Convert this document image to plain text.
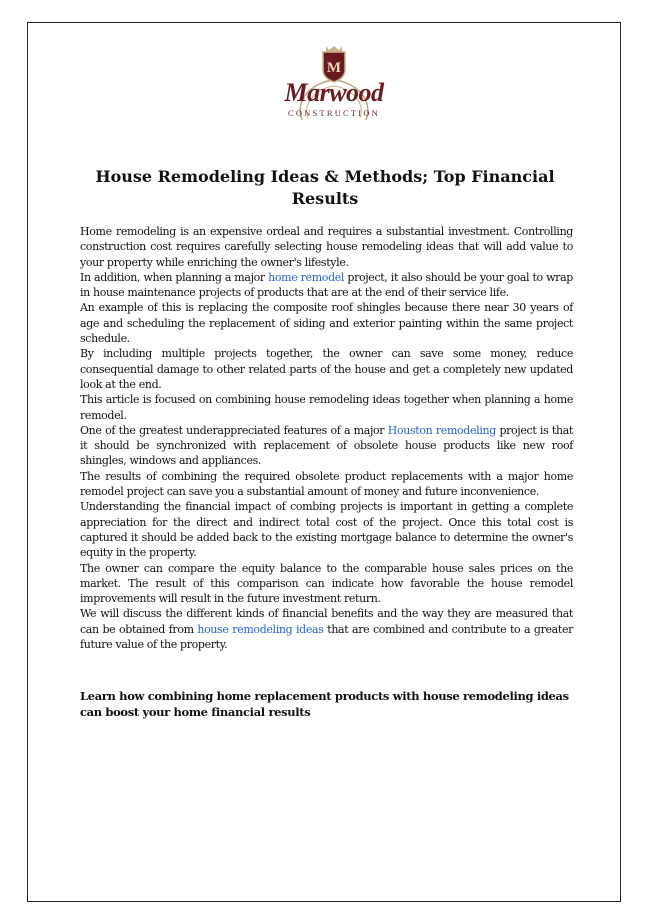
M
Marwood
CONSTRUCTION
House Remodeling Ideas & Methods; Top Financial Results

Home remodeling is an expensive ordeal and requires a substantial investment. Controlling construction cost requires carefully selecting house remodeling ideas that will add value to your property while enriching the owner's lifestyle.

In addition, when planning a major home remodel project, it also should be your goal to wrap in house maintenance projects of products that are at the end of their service life.

An example of this is replacing the composite roof shingles because there near 30 years of age and scheduling the replacement of siding and exterior painting within the same project schedule.

By including multiple projects together, the owner can save some money, reduce consequential damage to other related parts of the house and get a completely new updated look at the end.

This article is focused on combining house remodeling ideas together when planning a home remodel.

One of the greatest underappreciated features of a major Houston remodeling project is that it should be synchronized with replacement of obsolete house products like new roof shingles, windows and appliances.

The results of combining the required obsolete product replacements with a major home remodel project can save you a substantial amount of money and future inconvenience.

Understanding the financial impact of combing projects is important in getting a complete appreciation for the direct and indirect total cost of the project. Once this total cost is captured it should be added back to the existing mortgage balance to determine the owner's equity in the property.

The owner can compare the equity balance to the comparable house sales prices on the market. The result of this comparison can indicate how favorable the house remodel improvements will result in the future investment return.

We will discuss the different kinds of financial benefits and the way they are measured that can be obtained from house remodeling ideas that are combined and contribute to a greater future value of the property.

Learn how combining home replacement products with house remodeling ideas can boost your home financial results
